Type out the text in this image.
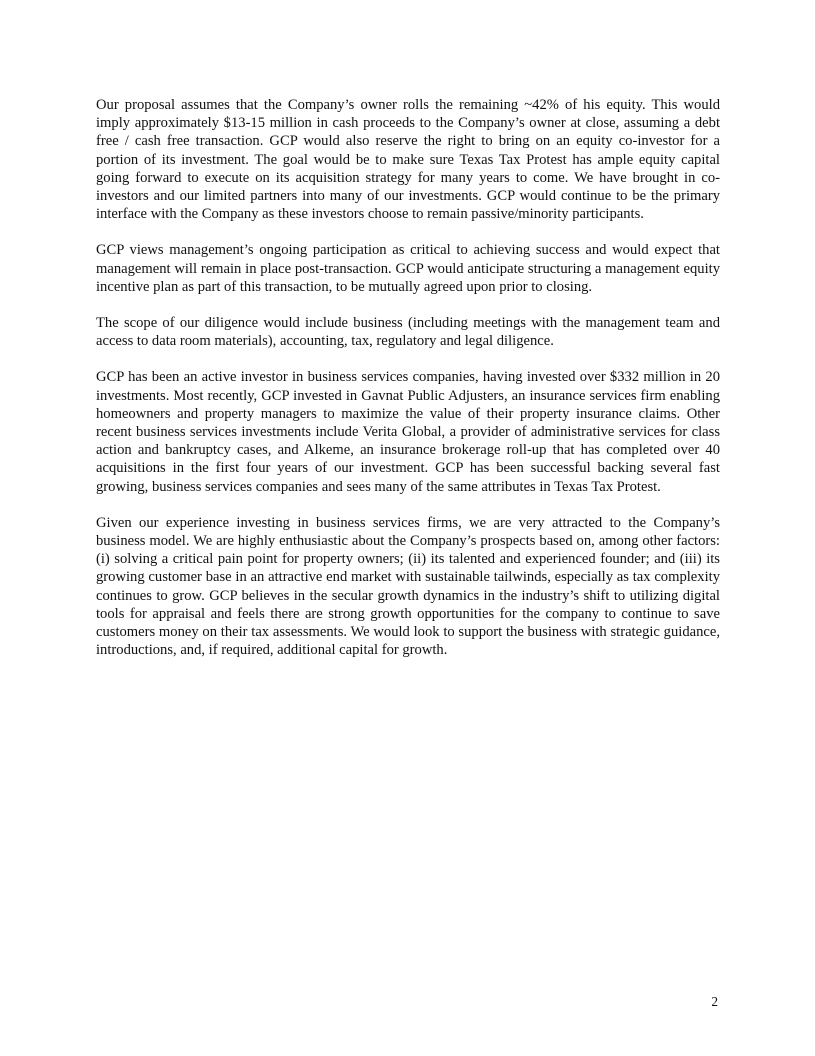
Our proposal assumes that the Company’s owner rolls the remaining ~42% of his equity. This would imply approximately $13-15 million in cash proceeds to the Company’s owner at close, assuming a debt free / cash free transaction. GCP would also reserve the right to bring on an equity co-investor for a portion of its investment. The goal would be to make sure Texas Tax Protest has ample equity capital going forward to execute on its acquisition strategy for many years to come. We have brought in co-investors and our limited partners into many of our investments. GCP would continue to be the primary interface with the Company as these investors choose to remain passive/minority participants.

GCP views management’s ongoing participation as critical to achieving success and would expect that management will remain in place post-transaction. GCP would anticipate structuring a management equity incentive plan as part of this transaction, to be mutually agreed upon prior to closing.

The scope of our diligence would include business (including meetings with the management team and access to data room materials), accounting, tax, regulatory and legal diligence.

GCP has been an active investor in business services companies, having invested over $332 million in 20 investments. Most recently, GCP invested in Gavnat Public Adjusters, an insurance services firm enabling homeowners and property managers to maximize the value of their property insurance claims. Other recent business services investments include Verita Global, a provider of administrative services for class action and bankruptcy cases, and Alkeme, an insurance brokerage roll-up that has completed over 40 acquisitions in the first four years of our investment. GCP has been successful backing several fast growing, business services companies and sees many of the same attributes in Texas Tax Protest.

Given our experience investing in business services firms, we are very attracted to the Company’s business model. We are highly enthusiastic about the Company’s prospects based on, among other factors: (i) solving a critical pain point for property owners; (ii) its talented and experienced founder; and (iii) its growing customer base in an attractive end market with sustainable tailwinds, especially as tax complexity continues to grow. GCP believes in the secular growth dynamics in the industry’s shift to utilizing digital tools for appraisal and feels there are strong growth opportunities for the company to continue to save customers money on their tax assessments. We would look to support the business with strategic guidance, introductions, and, if required, additional capital for growth.

2
